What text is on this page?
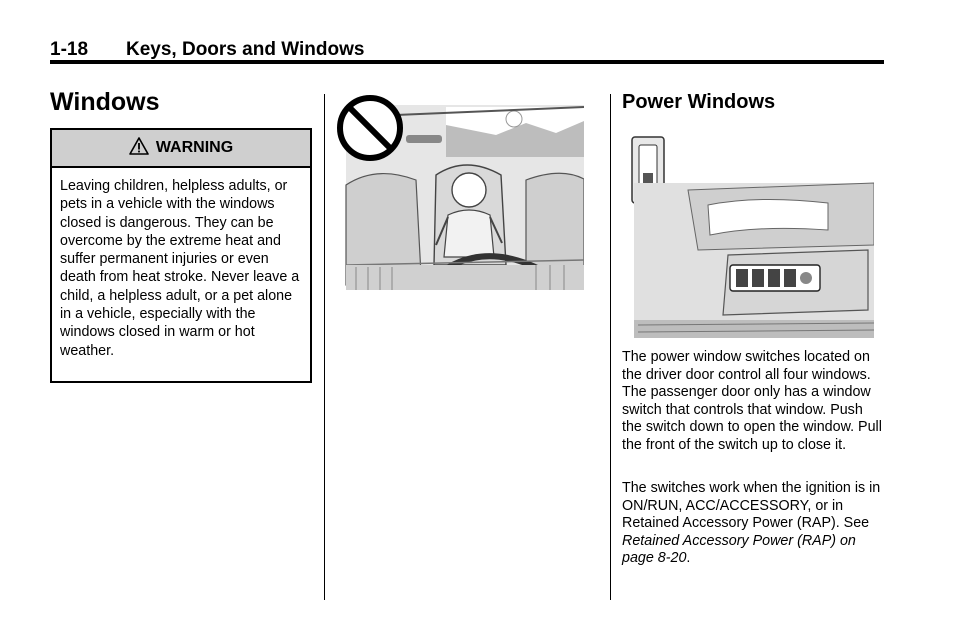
1-18 Keys, Doors and Windows
Windows
WARNING
Leaving children, helpless adults, or pets in a vehicle with the windows closed is dangerous. They can be overcome by the extreme heat and suffer permanent injuries or even death from heat stroke. Never leave a child, a helpless adult, or a pet alone in a vehicle, especially with the windows closed in warm or hot weather.
Power Windows
The power window switches located on the driver door control all four windows. The passenger door only has a window switch that controls that window. Push the switch down to open the window. Pull the front of the switch up to close it.
The switches work when the ignition is in ON/RUN, ACC/ACCESSORY, or in Retained Accessory Power (RAP). See Retained Accessory Power (RAP) on page 8-20.
